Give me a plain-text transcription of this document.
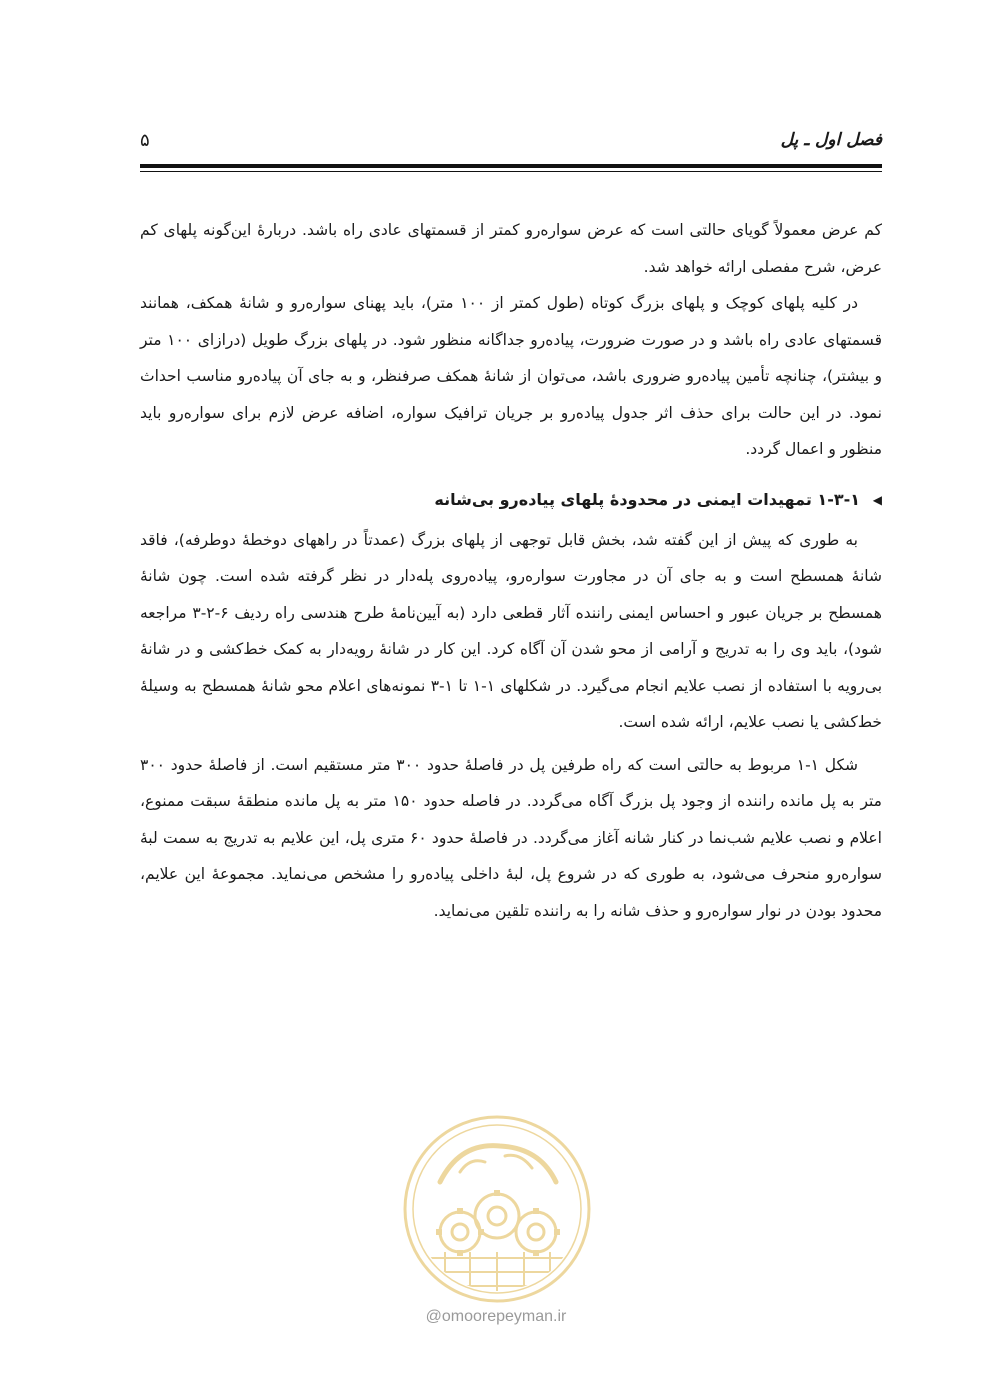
فصل اول ـ پل
۵

کم عرض معمولاً گویای حالتی است که عرض سواره‌رو کمتر از قسمتهای عادی راه باشد. دربارهٔ این‌گونه پلهای کم عرض، شرح مفصلی ارائه خواهد شد.

در کلیه پلهای کوچک و پلهای بزرگ کوتاه (طول کمتر از ۱۰۰ متر)، باید پهنای سواره‌رو و شانهٔ همکف، همانند قسمتهای عادی راه باشد و در صورت ضرورت، پیاده‌رو جداگانه منظور شود. در پلهای بزرگ طویل (درازای ۱۰۰ متر و بیشتر)، چنانچه تأمین پیاده‌رو ضروری باشد، می‌توان از شانهٔ همکف صرفنظر، و به جای آن پیاده‌رو مناسب احداث نمود. در این حالت برای حذف اثر جدول پیاده‌رو بر جریان ترافیک سواره، اضافه عرض لازم برای سواره‌رو باید منظور و اعمال گردد.

◀
۱-۳-۱ تمهیدات ایمنی در محدودهٔ پلهای پیاده‌رو بی‌شانه

به طوری که پیش از این گفته شد، بخش قابل توجهی از پلهای بزرگ (عمدتاً در راههای دوخطهٔ دوطرفه)، فاقد شانهٔ همسطح است و به جای آن در مجاورت سواره‌رو، پیاده‌روی پله‌دار در نظر گرفته شده است. چون شانهٔ همسطح بر جریان عبور و احساس ایمنی راننده آثار قطعی دارد (به آیین‌نامهٔ طرح هندسی راه ردیف ۶-۲-۳ مراجعه شود)، باید وی را به تدریج و آرامی از محو شدن آن آگاه کرد. این کار در شانهٔ رویه‌دار به کمک خط‌کشی و در شانهٔ بی‌رویه با استفاده از نصب علایم انجام می‌گیرد. در شکلهای ۱-۱ تا ۱-۳ نمونه‌های اعلام محو شانهٔ همسطح به وسیلهٔ خط‌کشی یا نصب علایم، ارائه شده است.

شکل ۱-۱ مربوط به حالتی است که راه طرفین پل در فاصلهٔ حدود ۳۰۰ متر مستقیم است. از فاصلهٔ حدود ۳۰۰ متر به پل مانده راننده از وجود پل بزرگ آگاه می‌گردد. در فاصله حدود ۱۵۰ متر به پل مانده منطقهٔ سبقت ممنوع، اعلام و نصب علایم شب‌نما در کنار شانه آغاز می‌گردد. در فاصلهٔ حدود ۶۰ متری پل، این علایم به تدریج به سمت لبهٔ سواره‌رو منحرف می‌شود، به طوری که در شروع پل، لبهٔ داخلی پیاده‌رو را مشخص می‌نماید. مجموعهٔ این علایم، محدود بودن در نوار سواره‌رو و حذف شانه را به راننده تلقین می‌نماید.

@omoorepeyman.ir
